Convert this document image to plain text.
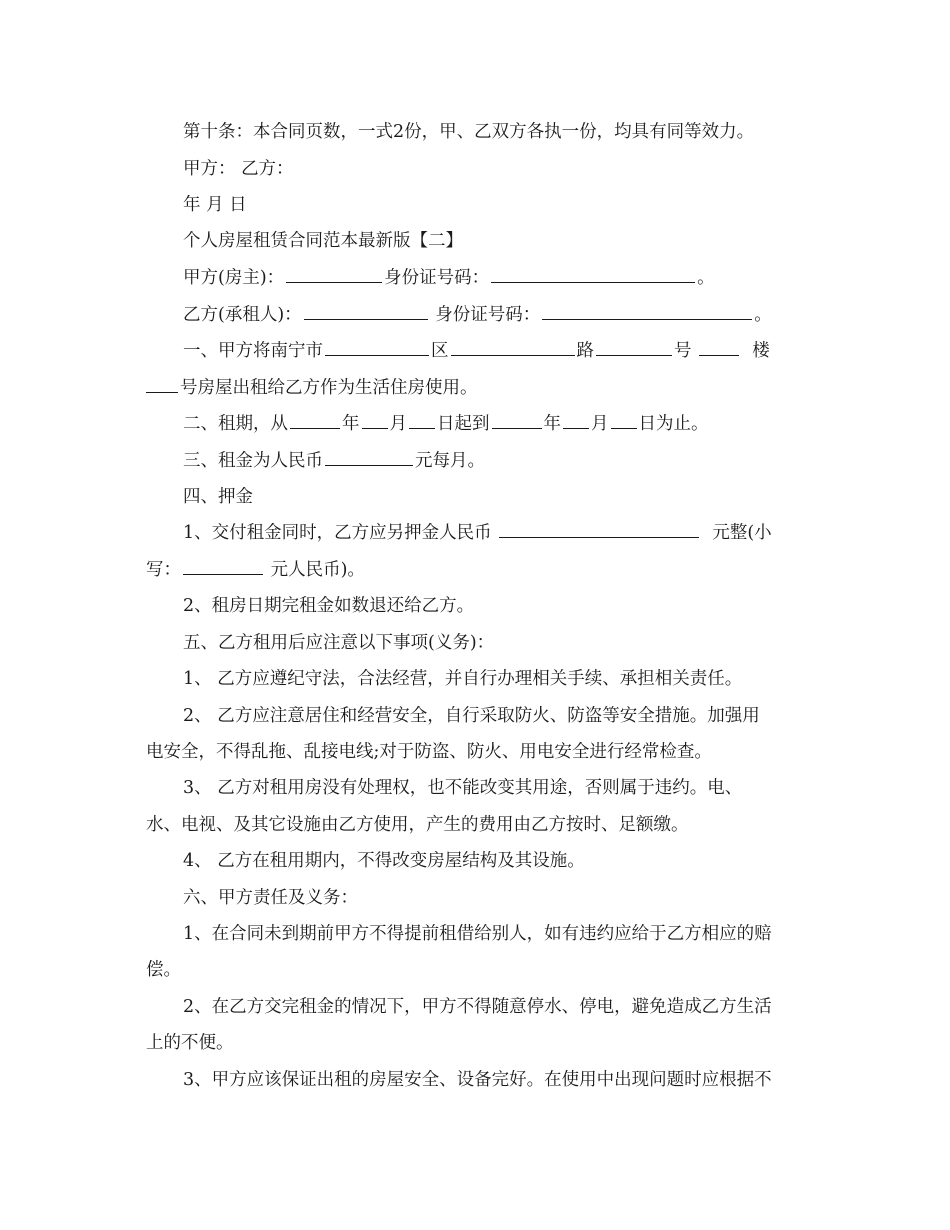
第十条：本合同页数，一式2份，甲、乙双方各执一份，均具有同等效力。
甲方： 乙方：
年 月 日
个人房屋租赁合同范本最新版【二】
甲方(房主)：	身份证号码：	。
乙方(承租人)：	身份证号码：	。
一、甲方将南宁市	区	路	号	楼
号房屋出租给乙方作为生活住房使用。
二、租期，从	年 月 日起到	年 月 日为止。
三、租金为人民币	元每月。
四、押金
1、交付租金同时，乙方应另押金人民币	元整(小
写：	元人民币)。
2、租房日期完租金如数退还给乙方。
五、乙方租用后应注意以下事项(义务)：
1、 乙方应遵纪守法，合法经营，并自行办理相关手续、承担相关责任。
2、 乙方应注意居住和经营安全，自行采取防火、防盗等安全措施。加强用
电安全，不得乱拖、乱接电线;对于防盗、防火、用电安全进行经常检查。
3、 乙方对租用房没有处理权，也不能改变其用途，否则属于违约。电、
水、电视、及其它设施由乙方使用，产生的费用由乙方按时、足额缴。
4、 乙方在租用期内，不得改变房屋结构及其设施。
六、甲方责任及义务：
1、在合同未到期前甲方不得提前租借给别人，如有违约应给于乙方相应的赔
偿。
2、在乙方交完租金的情况下，甲方不得随意停水、停电，避免造成乙方生活
上的不便。
3、甲方应该保证出租的房屋安全、设备完好。在使用中出现问题时应根据不
